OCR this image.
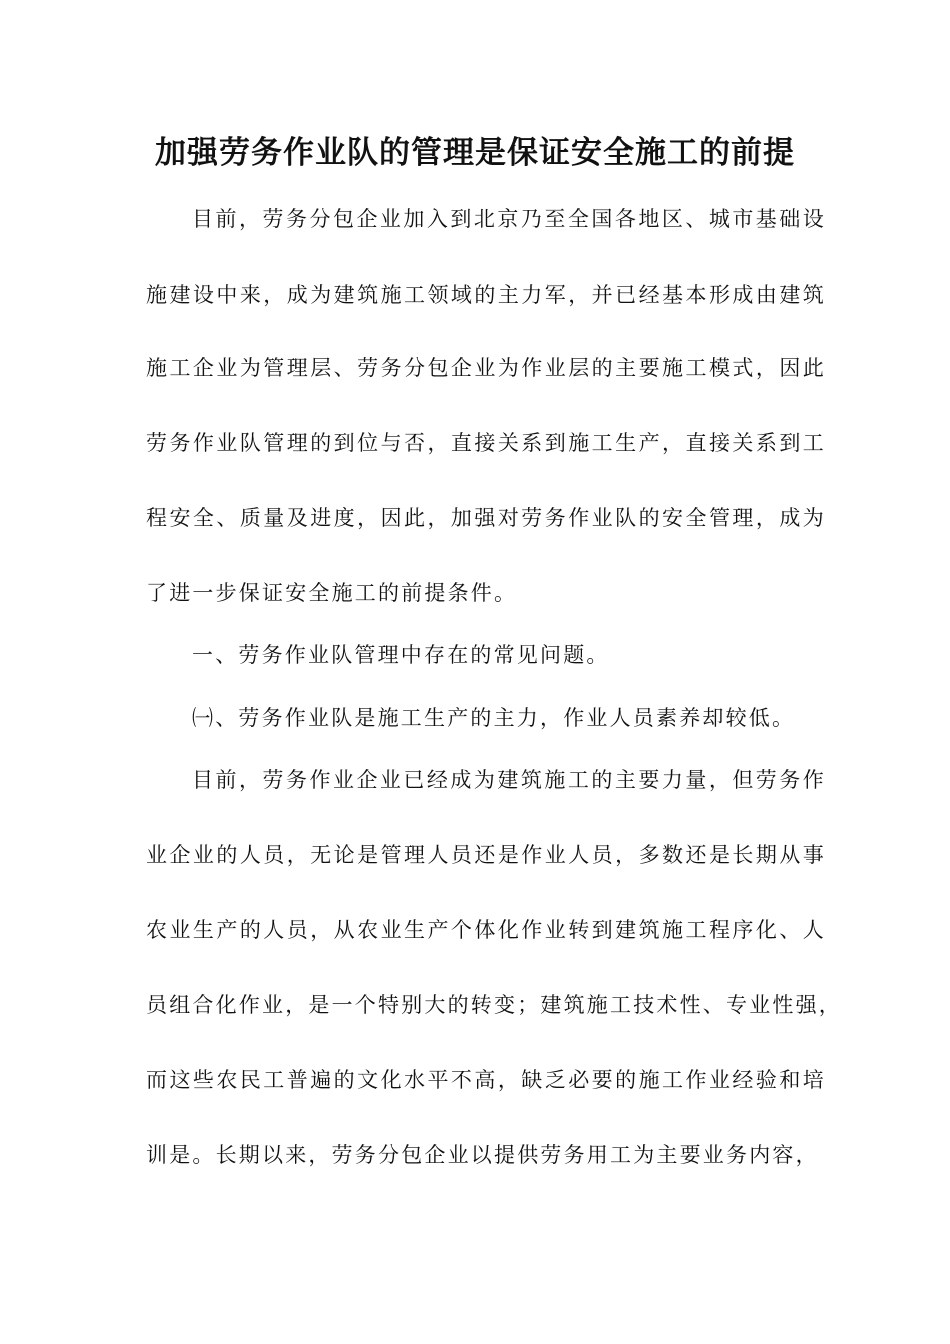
加强劳务作业队的管理是保证安全施工的前提

目前，劳务分包企业加入到北京乃至全国各地区、城市基础设

施建设中来，成为建筑施工领域的主力军，并已经基本形成由建筑

施工企业为管理层、劳务分包企业为作业层的主要施工模式，因此

劳务作业队管理的到位与否，直接关系到施工生产，直接关系到工

程安全、质量及进度，因此，加强对劳务作业队的安全管理，成为

了进一步保证安全施工的前提条件。

一、劳务作业队管理中存在的常见问题。

㈠、劳务作业队是施工生产的主力，作业人员素养却较低。

目前，劳务作业企业已经成为建筑施工的主要力量，但劳务作

业企业的人员，无论是管理人员还是作业人员，多数还是长期从事

农业生产的人员，从农业生产个体化作业转到建筑施工程序化、人

员组合化作业，是一个特别大的转变；建筑施工技术性、专业性强，

而这些农民工普遍的文化水平不高，缺乏必要的施工作业经验和培

训是。长期以来，劳务分包企业以提供劳务用工为主要业务内容，
